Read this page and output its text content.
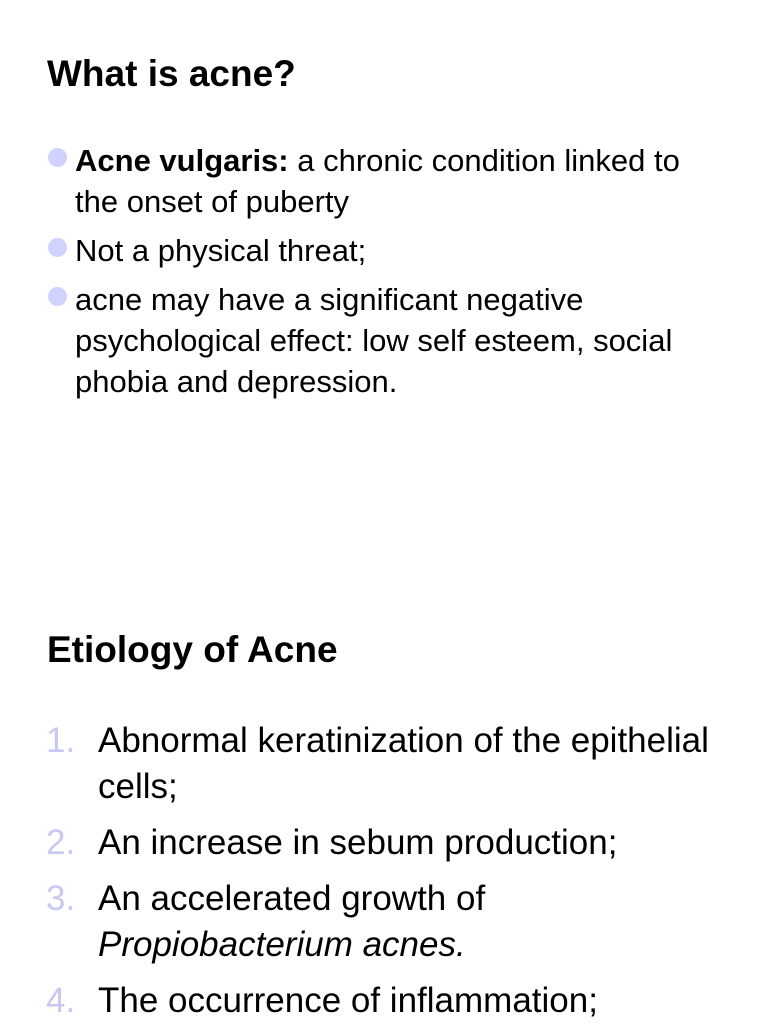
What is acne?
Acne vulgaris: a chronic condition linked to the onset of puberty
Not a physical threat;
acne may have a significant negative psychological effect: low self esteem, social phobia and depression.
Etiology of Acne
1. Abnormal keratinization of the epithelial cells;
2. An increase in sebum production;
3. An accelerated growth of Propiobacterium acnes.
4. The occurrence of inflammation;
